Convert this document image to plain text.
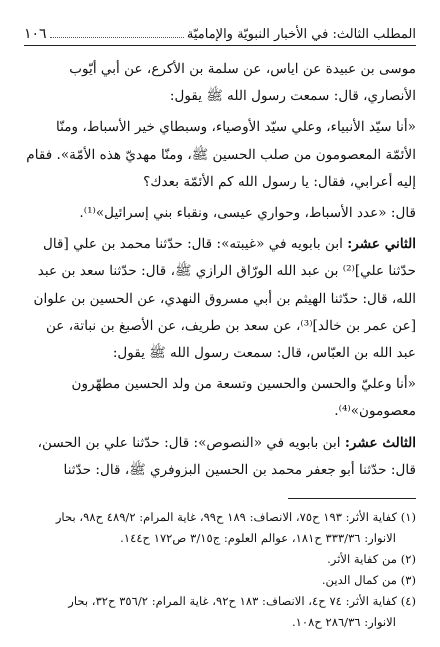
المطلب الثالث: في الأخبار النبويّة والإماميّة
١٠٦

موسى بن عبيدة عن اياس، عن سلمة بن الأكرع، عن أبي أيّوب
الأنصاري، قال: سمعت رسول الله ﷺ يقول:

«أنا سيّد الأنبياء، وعلي سيّد الأوصياء، وسبطاي خير الأسباط، ومنّا
الأئمّة المعصومون من صلب الحسين ﷺ، ومنّا مهديّ هذه الأمّة». فقام
إليه أعرابي، فقال: يا رسول الله كم الأئمّة بعدك؟

قال: «عدد الأسباط، وحواري عيسى، ونقباء بني إسرائيل»⁽¹⁾.

الثاني عشر: ابن بابويه في «غيبته»: قال: حدّثنا محمد بن علي [قال
حدّثنا علي]⁽²⁾ بن عبد الله الورّاق الرازي ﷺ، قال: حدّثنا سعد بن عبد
الله، قال: حدّثنا الهيثم بن أبي مسروق النهدي، عن الحسين بن علوان
[عن عمر بن خالد]⁽³⁾، عن سعد بن طريف، عن الأصبغ بن نباتة، عن
عبد الله بن العبّاس، قال: سمعت رسول الله ﷺ يقول:

«أنا وعليّ والحسن والحسين وتسعة من ولد الحسين مطهّرون
معصومون»⁽⁴⁾.

الثالث عشر: ابن بابويه في «النصوص»: قال: حدّثنا علي بن الحسن،
قال: حدّثنا أبو جعفر محمد بن الحسين البزوفري ﷺ، قال: حدّثنا

(١) كفاية الأثر: ١٩٣ ح٧٥، الانصاف: ١٨٩ ح٩٩، غاية المرام: ٤٨٩/٢ ح٩٨، بحار
الانوار: ٣٣٣/٣٦ ح١٨١، عوالم العلوم: ج٣/١٥ ص١٧٢ ح١٤٤.
(٢) من كفاية الأثر.
(٣) من كمال الدين.
(٤) كفاية الأثر: ٧٤ ح٤، الانصاف: ١٨٣ ح٩٢، غاية المرام: ٣٥٦/٢ ح٣٢، بحار
الانوار: ٢٨٦/٣٦ ح١٠٨.
